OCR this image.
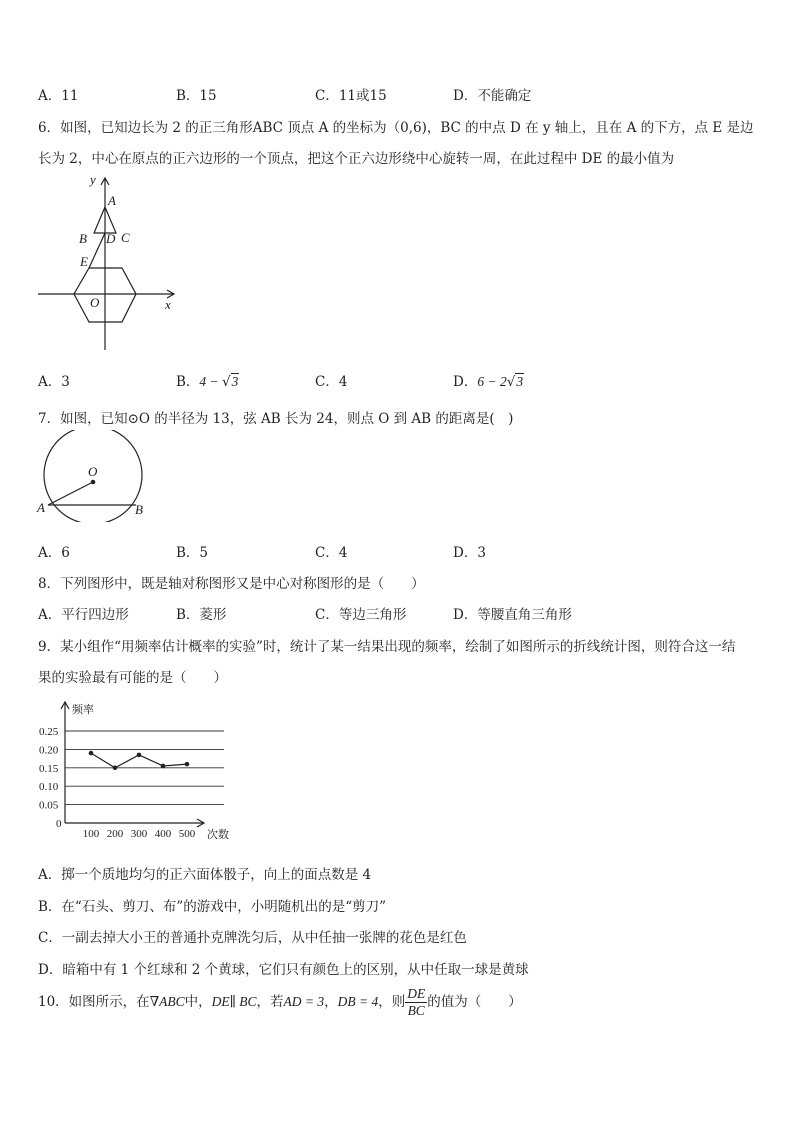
A．11	B．15	C．11或15	D．不能确定
6．如图，已知边长为 2 的正三角形ABC 顶点 A 的坐标为（0,6)，BC 的中点 D 在 y 轴上，且在 A 的下方，点 E 是边
长为 2，中心在原点的正六边形的一个顶点，把这个正六边形绕中心旋转一周，在此过程中 DE 的最小值为
y
A
B D C
E
O	x
A．3	B．4 − √3	C．4	D．6 − 2√3
7．如图，已知⊙O 的半径为 13，弦 AB 长为 24，则点 O 到 AB 的距离是(　)
O
A	B
A．6	B．5	C．4	D．3
8．下列图形中，既是轴对称图形又是中心对称图形的是（　　）
A．平行四边形	B．菱形	C．等边三角形	D．等腰直角三角形
9．某小组作“用频率估计概率的实验”时，统计了某一结果出现的频率，绘制了如图所示的折线统计图，则符合这一结
果的实验最有可能的是（　　）
0.25
0.20
0.15
0.10
0.05
0
100 200 300 400 500
频率
次数
A．掷一个质地均匀的正六面体骰子，向上的面点数是 4
B．在“石头、剪刀、布”的游戏中，小明随机出的是“剪刀”
C．一副去掉大小王的普通扑克牌洗匀后，从中任抽一张牌的花色是红色
D．暗箱中有 1 个红球和 2 个黄球，它们只有颜色上的区别，从中任取一球是黄球
10．如图所示，在∇ABC中，DE∥ BC，若AD = 3，DB = 4，则 $\frac{DE}{BC}$ 的值为（　　）
